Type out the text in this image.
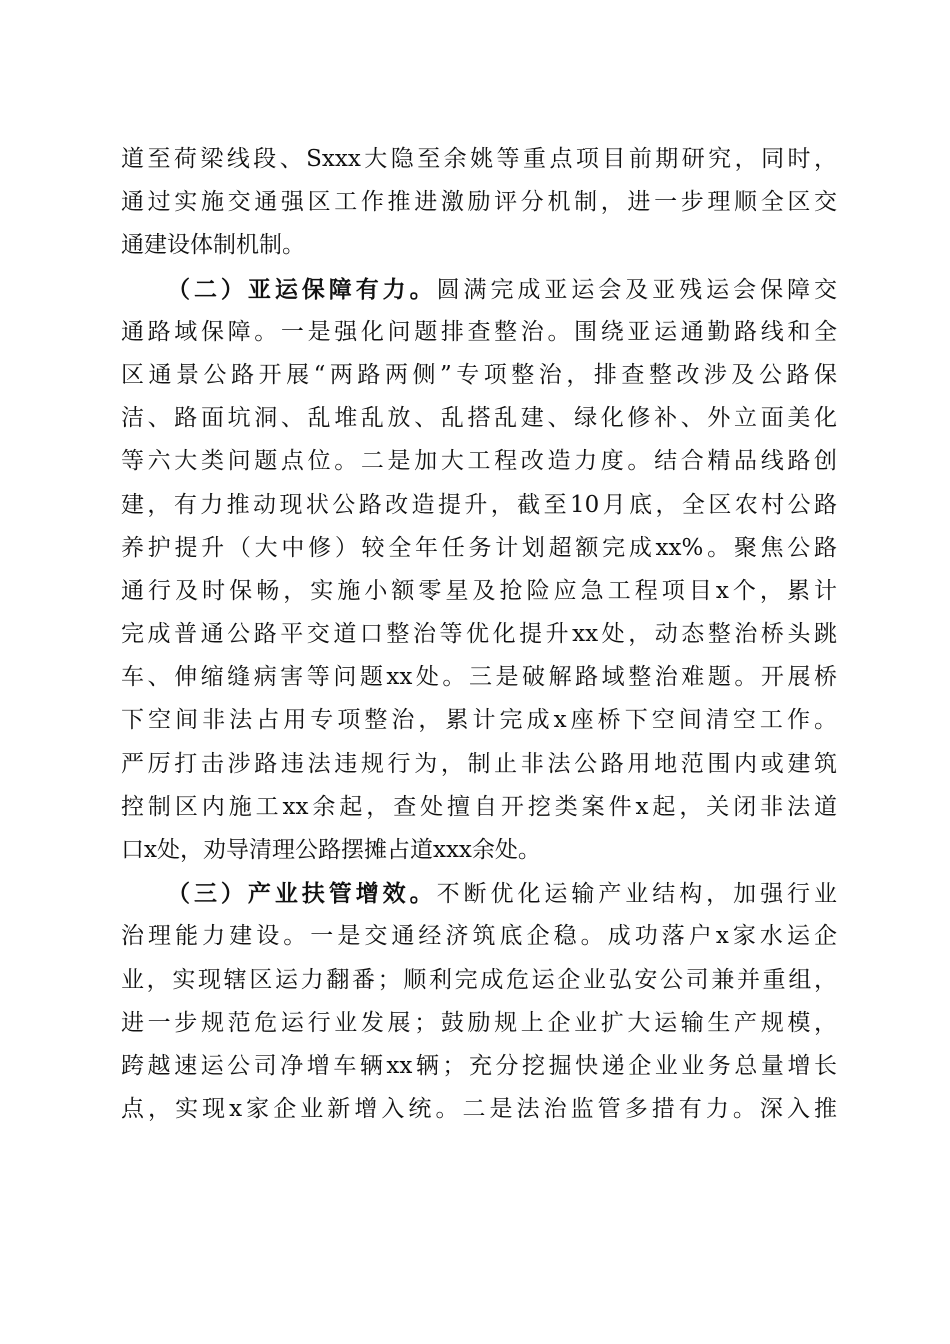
道至荷梁线段、Sxxx大隐至余姚等重点项目前期研究，同时，
通过实施交通强区工作推进激励评分机制，进一步理顺全区交
通建设体制机制。
（二）亚运保障有力。圆满完成亚运会及亚残运会保障交
通路域保障。一是强化问题排查整治。围绕亚运通勤路线和全
区通景公路开展“两路两侧”专项整治，排查整改涉及公路保
洁、路面坑洞、乱堆乱放、乱搭乱建、绿化修补、外立面美化
等六大类问题点位。二是加大工程改造力度。结合精品线路创
建，有力推动现状公路改造提升，截至10月底，全区农村公路
养护提升（大中修）较全年任务计划超额完成xx%。聚焦公路
通行及时保畅，实施小额零星及抢险应急工程项目x个，累计
完成普通公路平交道口整治等优化提升xx处，动态整治桥头跳
车、伸缩缝病害等问题xx处。三是破解路域整治难题。开展桥
下空间非法占用专项整治，累计完成x座桥下空间清空工作。
严厉打击涉路违法违规行为，制止非法公路用地范围内或建筑
控制区内施工xx余起，查处擅自开挖类案件x起，关闭非法道
口x处，劝导清理公路摆摊占道xxx余处。
（三）产业扶管增效。不断优化运输产业结构，加强行业
治理能力建设。一是交通经济筑底企稳。成功落户x家水运企
业，实现辖区运力翻番；顺利完成危运企业弘安公司兼并重组，
进一步规范危运行业发展；鼓励规上企业扩大运输生产规模，
跨越速运公司净增车辆xx辆；充分挖掘快递企业业务总量增长
点，实现x家企业新增入统。二是法治监管多措有力。深入推
